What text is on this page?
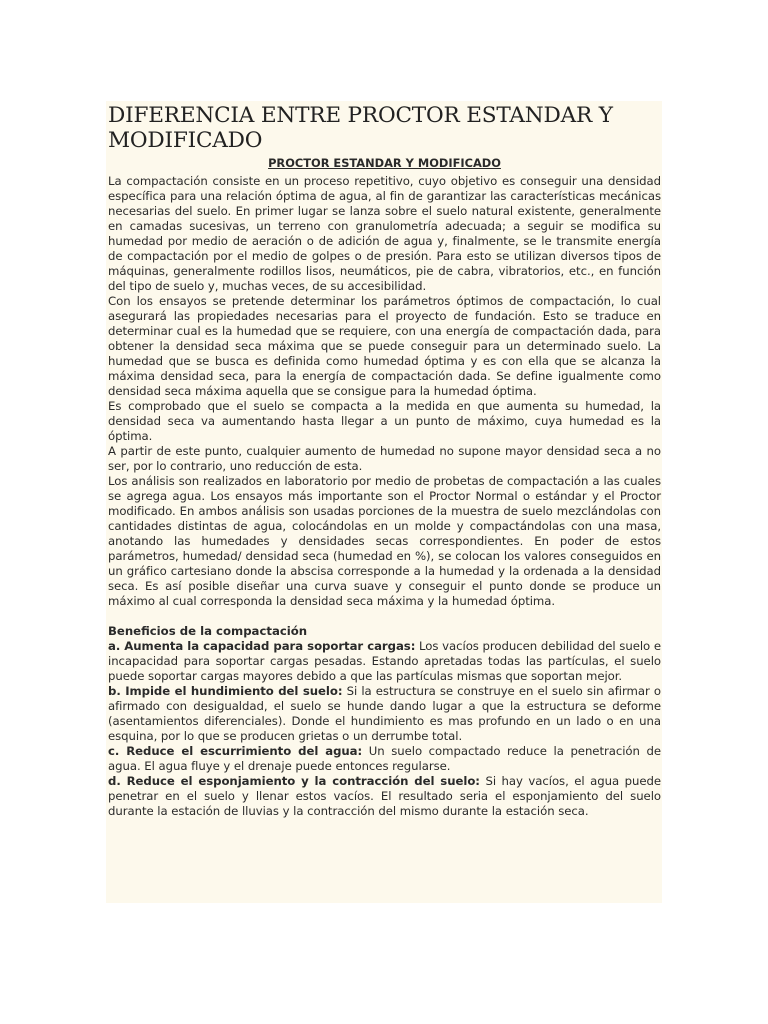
DIFERENCIA ENTRE PROCTOR ESTANDAR Y MODIFICADO
PROCTOR ESTANDAR Y MODIFICADO

La compactación consiste en un proceso repetitivo, cuyo objetivo es conseguir una densidad específica para una relación óptima de agua, al fin de garantizar las características mecánicas necesarias del suelo. En primer lugar se lanza sobre el suelo natural existente, generalmente en camadas sucesivas, un terreno con granulometría adecuada; a seguir se modifica su humedad por medio de aeración o de adición de agua y, finalmente, se le transmite energía de compactación por el medio de golpes o de presión. Para esto se utilizan diversos tipos de máquinas, generalmente rodillos lisos, neumáticos, pie de cabra, vibratorios, etc., en función del tipo de suelo y, muchas veces, de su accesibilidad.

Con los ensayos se pretende determinar los parámetros óptimos de compactación, lo cual asegurará las propiedades necesarias para el proyecto de fundación. Esto se traduce en determinar cual es la humedad que se requiere, con una energía de compactación dada, para obtener la densidad seca máxima que se puede conseguir para un determinado suelo. La humedad que se busca es definida como humedad óptima y es con ella que se alcanza la máxima densidad seca, para la energía de compactación dada. Se define igualmente como densidad seca máxima aquella que se consigue para la humedad óptima.

Es comprobado que el suelo se compacta a la medida en que aumenta su humedad, la densidad seca va aumentando hasta llegar a un punto de máximo, cuya humedad es la óptima.

A partir de este punto, cualquier aumento de humedad no supone mayor densidad seca a no ser, por lo contrario, uno reducción de esta.

Los análisis son realizados en laboratorio por medio de probetas de compactación a las cuales se agrega agua. Los ensayos más importante son el Proctor Normal o estándar y el Proctor modificado. En ambos análisis son usadas porciones de la muestra de suelo mezclándolas con cantidades distintas de agua, colocándolas en un molde y compactándolas con una masa, anotando las humedades y densidades secas correspondientes. En poder de estos parámetros, humedad/ densidad seca (humedad en %), se colocan los valores conseguidos en un gráfico cartesiano donde la abscisa corresponde a la humedad y la ordenada a la densidad seca. Es así posible diseñar una curva suave y conseguir el punto donde se produce un máximo al cual corresponda la densidad seca máxima y la humedad óptima.

Beneficios de la compactación

a. Aumenta la capacidad para soportar cargas: Los vacíos producen debilidad del suelo e incapacidad para soportar cargas pesadas. Estando apretadas todas las partículas, el suelo puede soportar cargas mayores debido a que las partículas mismas que soportan mejor.

b. Impide el hundimiento del suelo: Si la estructura se construye en el suelo sin afirmar o afirmado con desigualdad, el suelo se hunde dando lugar a que la estructura se deforme (asentamientos diferenciales). Donde el hundimiento es mas profundo en un lado o en una esquina, por lo que se producen grietas o un derrumbe total.

c. Reduce el escurrimiento del agua: Un suelo compactado reduce la penetración de agua. El agua fluye y el drenaje puede entonces regularse.

d. Reduce el esponjamiento y la contracción del suelo: Si hay vacíos, el agua puede penetrar en el suelo y llenar estos vacíos. El resultado seria el esponjamiento del suelo durante la estación de lluvias y la contracción del mismo durante la estación seca.
